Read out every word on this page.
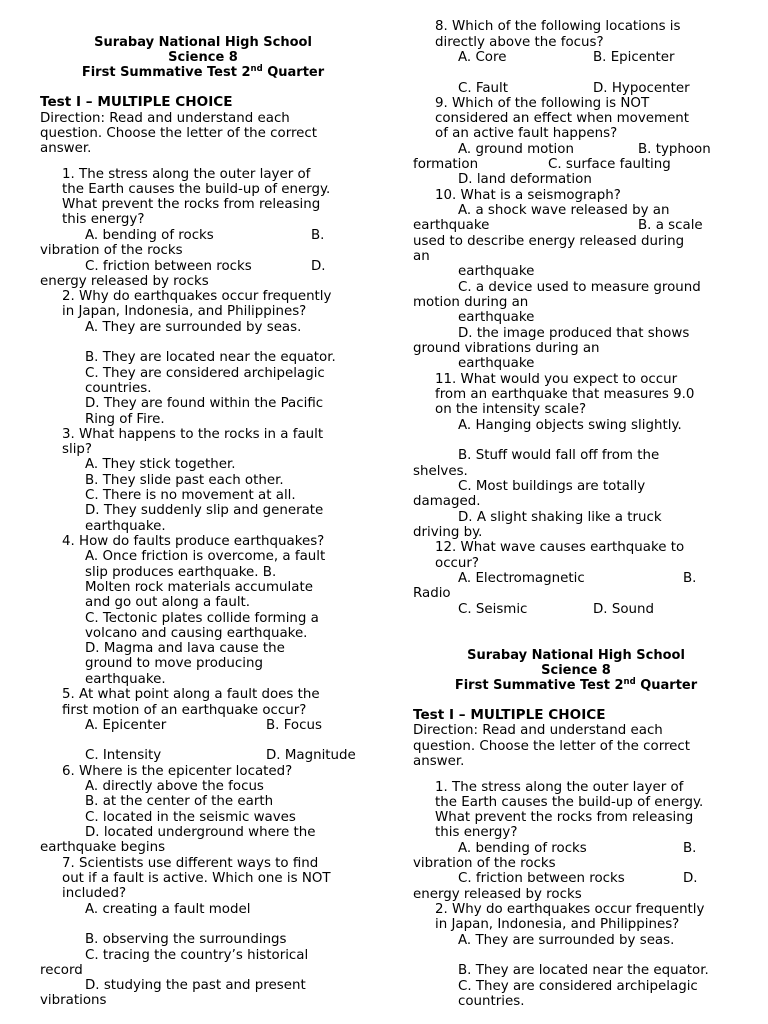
Surabay National High School
Science 8
First Summative Test 2nd Quarter
Test I – MULTIPLE CHOICE
Direction: Read and understand each
question. Choose the letter of the correct
answer.
1. The stress along the outer layer of
the Earth causes the build-up of energy.
What prevent the rocks from releasing
this energy?
A. bending of rocks	B.
vibration of the rocks
C. friction between rocks	D.
energy released by rocks
2. Why do earthquakes occur frequently
in Japan, Indonesia, and Philippines?
A. They are surrounded by seas.
B. They are located near the equator.
C. They are considered archipelagic
countries.
D. They are found within the Pacific
Ring of Fire.
3. What happens to the rocks in a fault
slip?
A. They stick together.
B. They slide past each other.
C. There is no movement at all.
D. They suddenly slip and generate
earthquake.
4. How do faults produce earthquakes?
A. Once friction is overcome, a fault
slip produces earthquake. B.
Molten rock materials accumulate
and go out along a fault.
C. Tectonic plates collide forming a
volcano and causing earthquake.
D. Magma and lava cause the
ground to move producing
earthquake.
5. At what point along a fault does the
first motion of an earthquake occur?
A. Epicenter	B. Focus
C. Intensity	D. Magnitude
6. Where is the epicenter located?
A. directly above the focus
B. at the center of the earth
C. located in the seismic waves
D. located underground where the
earthquake begins
7. Scientists use different ways to find
out if a fault is active. Which one is NOT
included?
A. creating a fault model
B. observing the surroundings
C. tracing the country’s historical
record
D. studying the past and present
vibrations
8. Which of the following locations is
directly above the focus?
A. Core	B. Epicenter
C. Fault	D. Hypocenter
9. Which of the following is NOT
considered an effect when movement
of an active fault happens?
A. ground motion	B. typhoon
formation	C. surface faulting
D. land deformation
10. What is a seismograph?
A. a shock wave released by an
earthquake	B. a scale
used to describe energy released during
an
earthquake
C. a device used to measure ground
motion during an
earthquake
D. the image produced that shows
ground vibrations during an
earthquake
11. What would you expect to occur
from an earthquake that measures 9.0
on the intensity scale?
A. Hanging objects swing slightly.
B. Stuff would fall off from the
shelves.
C. Most buildings are totally
damaged.
D. A slight shaking like a truck
driving by.
12. What wave causes earthquake to
occur?
A. Electromagnetic	B.
Radio
C. Seismic	D. Sound
Surabay National High School
Science 8
First Summative Test 2nd Quarter
Test I – MULTIPLE CHOICE
Direction: Read and understand each
question. Choose the letter of the correct
answer.
1. The stress along the outer layer of
the Earth causes the build-up of energy.
What prevent the rocks from releasing
this energy?
A. bending of rocks	B.
vibration of the rocks
C. friction between rocks	D.
energy released by rocks
2. Why do earthquakes occur frequently
in Japan, Indonesia, and Philippines?
A. They are surrounded by seas.
B. They are located near the equator.
C. They are considered archipelagic
countries.
